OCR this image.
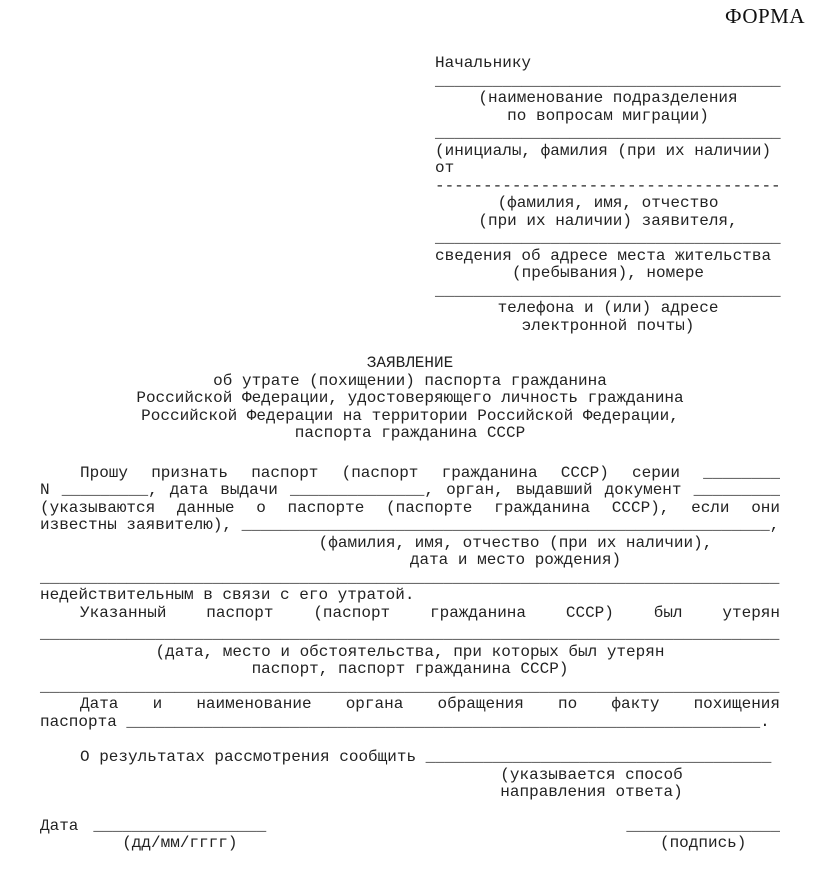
ФОРМА
Начальнику
____________________________________
(наименование подразделения
по вопросам миграции)
____________________________________
(инициалы, фамилия (при их наличии)
от
------------------------------------
(фамилия, имя, отчество
(при их наличии) заявителя,
____________________________________
сведения об адресе места жительства
(пребывания), номере
____________________________________
телефона и (или) адресе
электронной почты)
ЗАЯВЛЕНИЕ
об утрате (похищении) паспорта гражданина
Российской Федерации, удостоверяющего личность гражданина
Российской Федерации на территории Российской Федерации,
паспорта гражданина СССР
Прошу признать паспорт (паспорт гражданина СССР) серии ________
N _________, дата выдачи ______________, орган, выдавший документ _________
(указываются данные о паспорте (паспорте гражданина СССР), если они
известны заявителю), _______________________________________________________,
(фамилия, имя, отчество (при их наличии),
дата и место рождения)
_____________________________________________________________________________
недействительным в связи с его утратой.
Указанный паспорт (паспорт гражданина СССР) был утерян
_____________________________________________________________________________
(дата, место и обстоятельства, при которых был утерян
паспорт, паспорт гражданина СССР)
_____________________________________________________________________________
Дата и наименование органа обращения по факту похищения
паспорта __________________________________________________________________.
О результатах рассмотрения сообщить ____________________________________
(указывается способ
направления ответа)
Дата __________________
(дд/мм/гггг)
________________
(подпись)
